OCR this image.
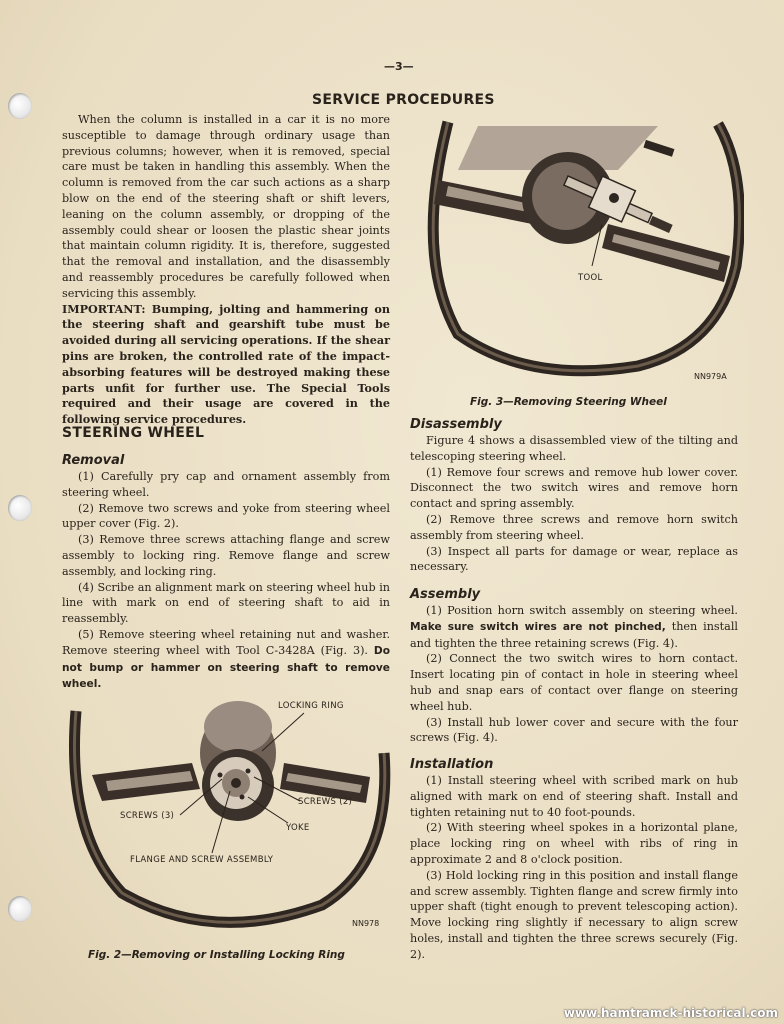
—3—
SERVICE PROCEDURES

When the column is installed in a car it is no more susceptible to damage through ordinary usage than previous columns; however, when it is removed, special care must be taken in handling this assembly. When the column is removed from the car such actions as a sharp blow on the end of the steering shaft or shift levers, leaning on the column assembly, or dropping of the assembly could shear or loosen the plastic shear joints that maintain column rigidity. It is, therefore, suggested that the removal and installation, and the disassembly and reassembly procedures be carefully followed when servicing this assembly.

IMPORTANT: Bumping, jolting and hammering on the steering shaft and gearshift tube must be avoided during all servicing operations. If the shear pins are broken, the controlled rate of the impact-absorbing features will be destroyed making these parts unfit for further use. The Special Tools required and their usage are covered in the following service procedures.

STEERING WHEEL
Removal

(1) Carefully pry cap and ornament assembly from steering wheel.

(2) Remove two screws and yoke from steering wheel upper cover (Fig. 2).

(3) Remove three screws attaching flange and screw assembly to locking ring. Remove flange and screw assembly, and locking ring.

(4) Scribe an alignment mark on steering wheel hub in line with mark on end of steering shaft to aid in reassembly.

(5) Remove steering wheel retaining nut and washer. Remove steering wheel with Tool C-3428A (Fig. 3). Do not bump or hammer on steering shaft to remove wheel.

LOCKING RING
SCREWS (3)
SCREWS (2)
YOKE
FLANGE AND SCREW ASSEMBLY
NN978
Fig. 2—Removing or Installing Locking Ring
TOOL
NN979A
Fig. 3—Removing Steering Wheel
Disassembly

Figure 4 shows a disassembled view of the tilting and telescoping steering wheel.

(1) Remove four screws and remove hub lower cover. Disconnect the two switch wires and remove horn contact and spring assembly.

(2) Remove three screws and remove horn switch assembly from steering wheel.

(3) Inspect all parts for damage or wear, replace as necessary.

Assembly

(1) Position horn switch assembly on steering wheel. Make sure switch wires are not pinched, then install and tighten the three retaining screws (Fig. 4).

(2) Connect the two switch wires to horn contact. Insert locating pin of contact in hole in steering wheel hub and snap ears of contact over flange on steering wheel hub.

(3) Install hub lower cover and secure with the four screws (Fig. 4).

Installation

(1) Install steering wheel with scribed mark on hub aligned with mark on end of steering shaft. Install and tighten retaining nut to 40 foot-pounds.

(2) With steering wheel spokes in a horizontal plane, place locking ring on wheel with ribs of ring in approximate 2 and 8 o'clock position.

(3) Hold locking ring in this position and install flange and screw assembly. Tighten flange and screw firmly into upper shaft (tight enough to prevent telescoping action). Move locking ring slightly if necessary to align screw holes, install and tighten the three screws securely (Fig. 2).

www.hamtramck-historical.com
